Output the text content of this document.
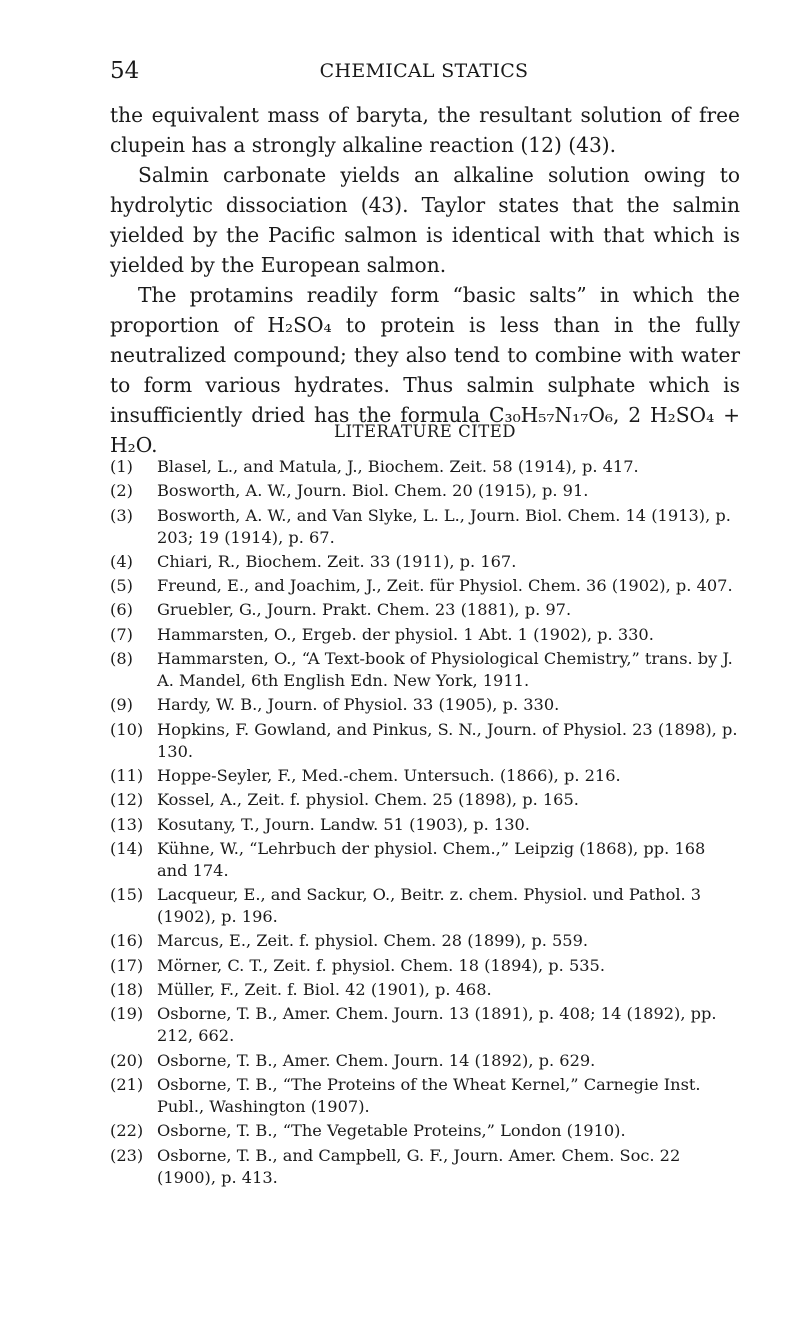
54	CHEMICAL STATICS

the equivalent mass of baryta, the resultant solution of free clupein has a strongly alkaline reaction (12) (43).

Salmin carbonate yields an alkaline solution owing to hydrolytic dissociation (43). Taylor states that the salmin yielded by the Pacific salmon is identical with that which is yielded by the European salmon.

The protamins readily form “basic salts” in which the proportion of H₂SO₄ to protein is less than in the fully neutralized compound; they also tend to combine with water to form various hydrates. Thus salmin sulphate which is insufficiently dried has the formula C₃₀H₅₇N₁₇O₆, 2 H₂SO₄ + H₂O.

LITERATURE CITED
(1) Blasel, L., and Matula, J., Biochem. Zeit. 58 (1914), p. 417.
(2) Bosworth, A. W., Journ. Biol. Chem. 20 (1915), p. 91.
(3) Bosworth, A. W., and Van Slyke, L. L., Journ. Biol. Chem. 14 (1913), p. 203; 19 (1914), p. 67.
(4) Chiari, R., Biochem. Zeit. 33 (1911), p. 167.
(5) Freund, E., and Joachim, J., Zeit. für Physiol. Chem. 36 (1902), p. 407.
(6) Gruebler, G., Journ. Prakt. Chem. 23 (1881), p. 97.
(7) Hammarsten, O., Ergeb. der physiol. 1 Abt. 1 (1902), p. 330.
(8) Hammarsten, O., “A Text-book of Physiological Chemistry,” trans. by J. A. Mandel, 6th English Edn. New York, 1911.
(9) Hardy, W. B., Journ. of Physiol. 33 (1905), p. 330.
(10) Hopkins, F. Gowland, and Pinkus, S. N., Journ. of Physiol. 23 (1898), p. 130.
(11) Hoppe-Seyler, F., Med.-chem. Untersuch. (1866), p. 216.
(12) Kossel, A., Zeit. f. physiol. Chem. 25 (1898), p. 165.
(13) Kosutany, T., Journ. Landw. 51 (1903), p. 130.
(14) Kühne, W., “Lehrbuch der physiol. Chem.,” Leipzig (1868), pp. 168 and 174.
(15) Lacqueur, E., and Sackur, O., Beitr. z. chem. Physiol. und Pathol. 3 (1902), p. 196.
(16) Marcus, E., Zeit. f. physiol. Chem. 28 (1899), p. 559.
(17) Mörner, C. T., Zeit. f. physiol. Chem. 18 (1894), p. 535.
(18) Müller, F., Zeit. f. Biol. 42 (1901), p. 468.
(19) Osborne, T. B., Amer. Chem. Journ. 13 (1891), p. 408; 14 (1892), pp. 212, 662.
(20) Osborne, T. B., Amer. Chem. Journ. 14 (1892), p. 629.
(21) Osborne, T. B., “The Proteins of the Wheat Kernel,” Carnegie Inst. Publ., Washington (1907).
(22) Osborne, T. B., “The Vegetable Proteins,” London (1910).
(23) Osborne, T. B., and Campbell, G. F., Journ. Amer. Chem. Soc. 22 (1900), p. 413.
